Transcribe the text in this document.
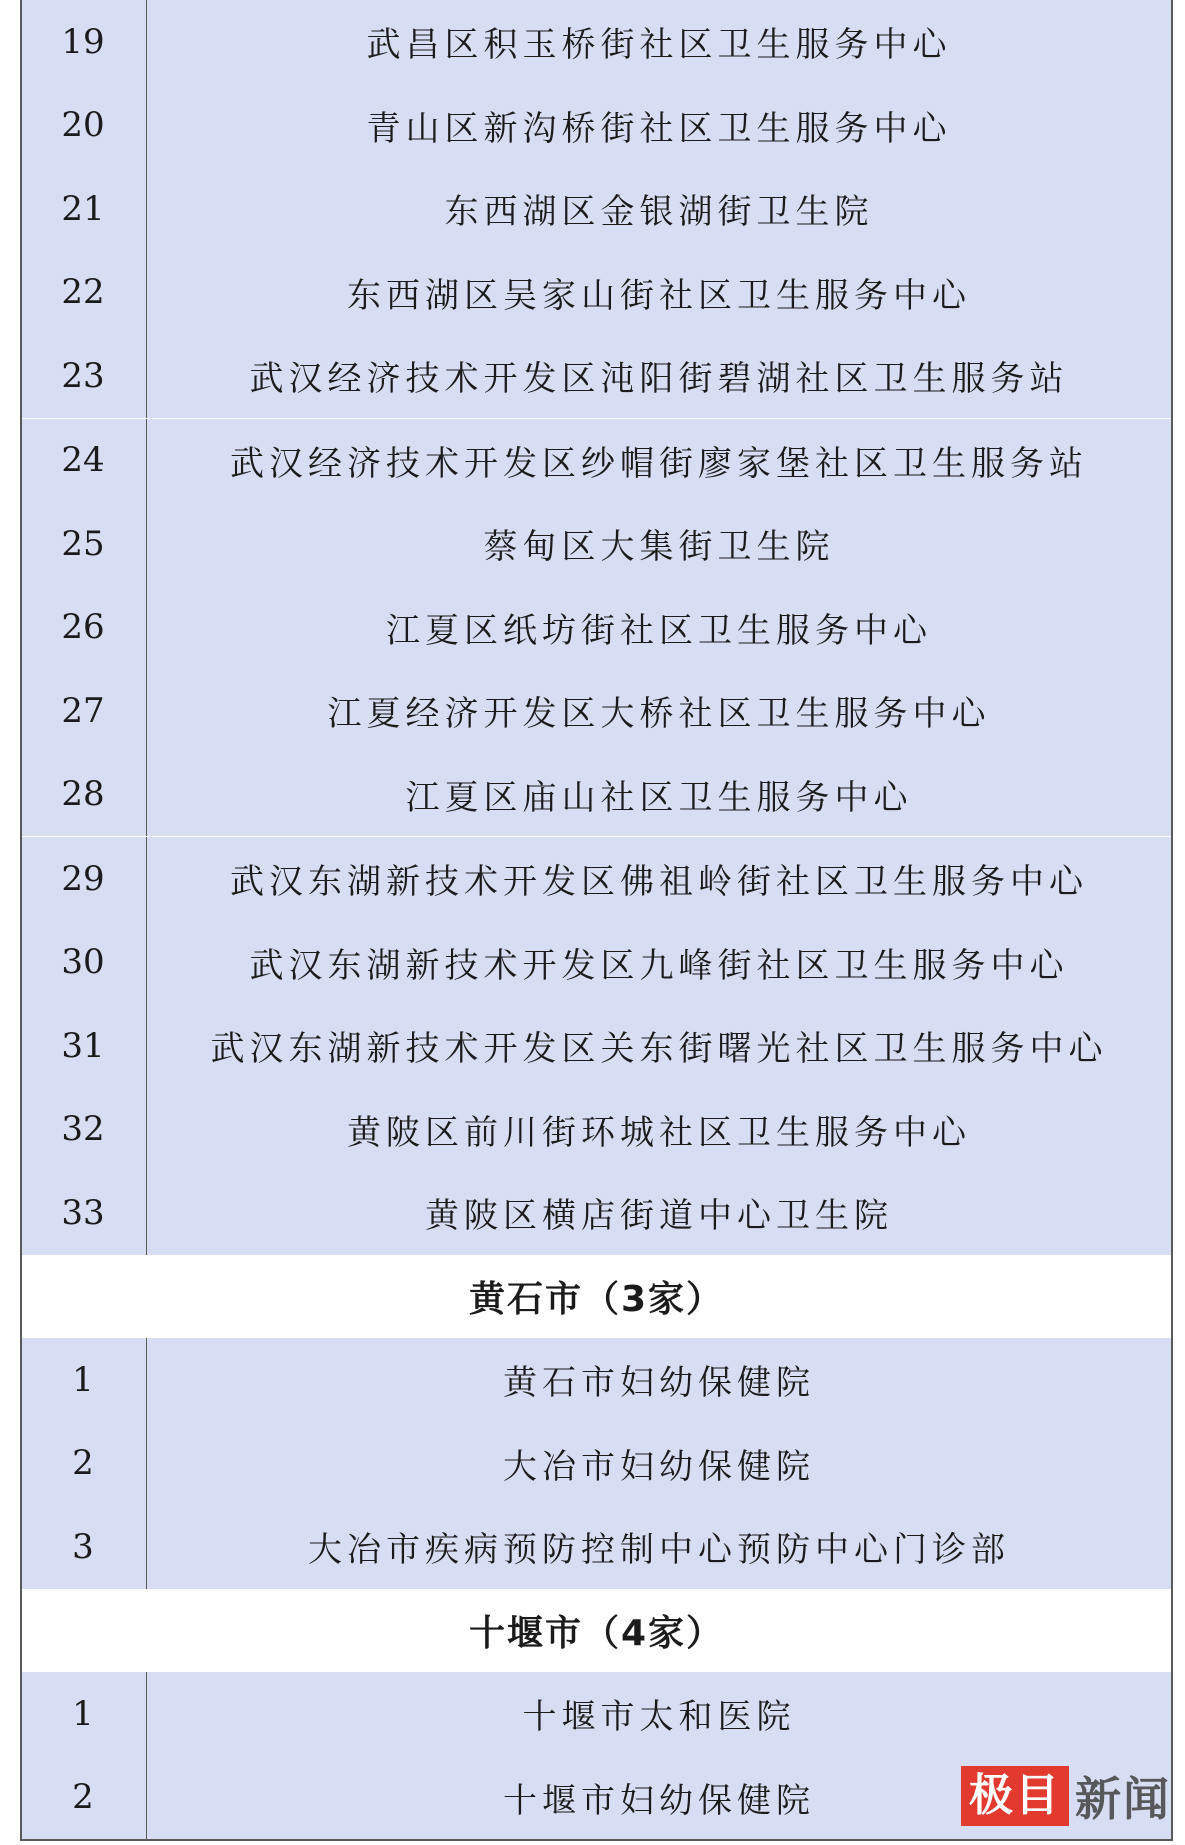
19	武昌区积玉桥街社区卫生服务中心
20	青山区新沟桥街社区卫生服务中心
21	东西湖区金银湖街卫生院
22	东西湖区吴家山街社区卫生服务中心
23	武汉经济技术开发区沌阳街碧湖社区卫生服务站
24	武汉经济技术开发区纱帽街廖家堡社区卫生服务站
25	蔡甸区大集街卫生院
26	江夏区纸坊街社区卫生服务中心
27	江夏经济开发区大桥社区卫生服务中心
28	江夏区庙山社区卫生服务中心
29	武汉东湖新技术开发区佛祖岭街社区卫生服务中心
30	武汉东湖新技术开发区九峰街社区卫生服务中心
31	武汉东湖新技术开发区关东街曙光社区卫生服务中心
32	黄陂区前川街环城社区卫生服务中心
33	黄陂区横店街道中心卫生院
黄石市（3家）
1	黄石市妇幼保健院
2	大冶市妇幼保健院
3	大冶市疾病预防控制中心预防中心门诊部
十堰市（4家）
1	十堰市太和医院
2	十堰市妇幼保健院	极目 新闻
